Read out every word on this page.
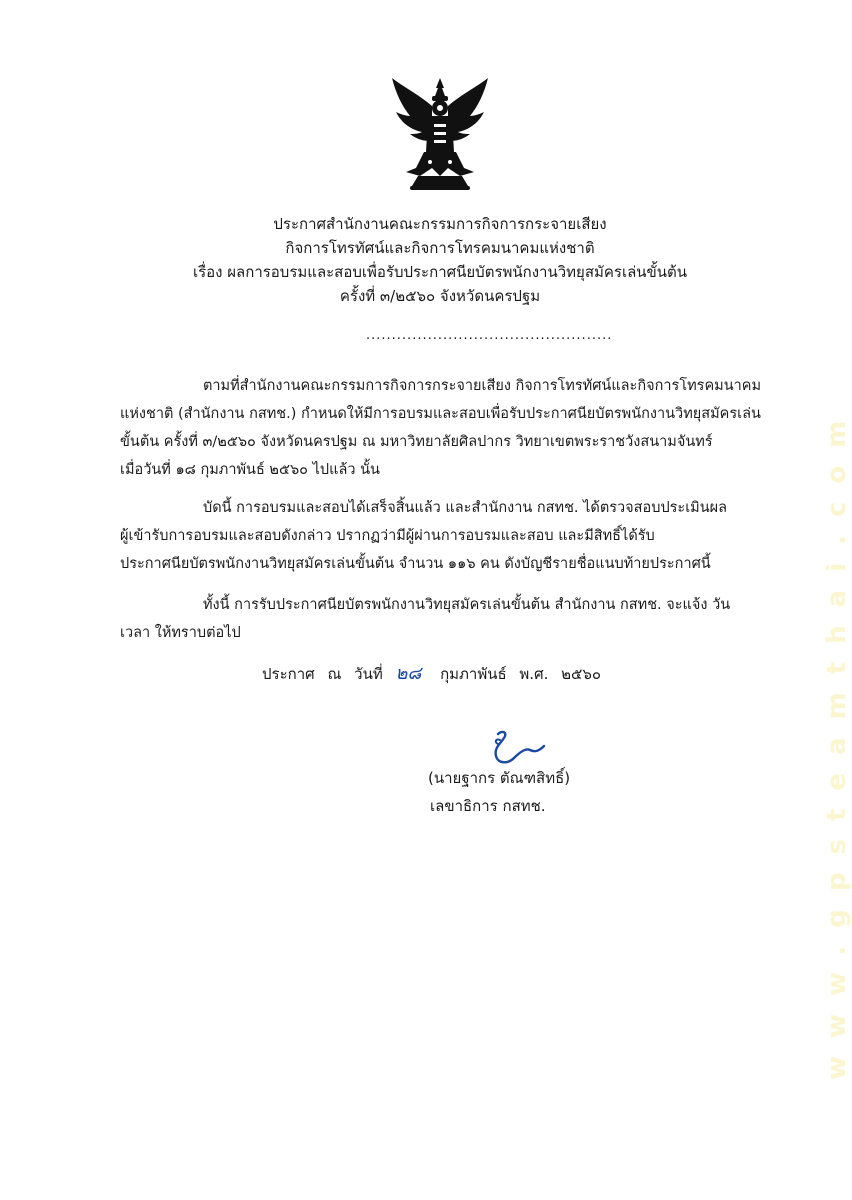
ประกาศสำนักงานคณะกรรมการกิจการกระจายเสียง
กิจการโทรทัศน์และกิจการโทรคมนาคมแห่งชาติ
เรื่อง ผลการอบรมและสอบเพื่อรับประกาศนียบัตรพนักงานวิทยุสมัครเล่นขั้นต้น
ครั้งที่ ๓/๒๕๖๐ จังหวัดนครปฐม
................................................
ตามที่สำนักงานคณะกรรมการกิจการกระจายเสียง กิจการโทรทัศน์และกิจการโทรคมนาคม
แห่งชาติ (สำนักงาน กสทช.) กำหนดให้มีการอบรมและสอบเพื่อรับประกาศนียบัตรพนักงานวิทยุสมัครเล่น
ขั้นต้น ครั้งที่ ๓/๒๕๖๐ จังหวัดนครปฐม ณ มหาวิทยาลัยศิลปากร วิทยาเขตพระราชวังสนามจันทร์
เมื่อวันที่ ๑๘ กุมภาพันธ์ ๒๕๖๐ ไปแล้ว นั้น
บัดนี้ การอบรมและสอบได้เสร็จสิ้นแล้ว และสำนักงาน กสทช. ได้ตรวจสอบประเมินผล
ผู้เข้ารับการอบรมและสอบดังกล่าว ปรากฏว่ามีผู้ผ่านการอบรมและสอบ และมีสิทธิ์ได้รับ
ประกาศนียบัตรพนักงานวิทยุสมัครเล่นขั้นต้น จำนวน ๑๑๖ คน ดังบัญชีรายชื่อแนบท้ายประกาศนี้
ทั้งนี้ การรับประกาศนียบัตรพนักงานวิทยุสมัครเล่นขั้นต้น สำนักงาน กสทช. จะแจ้ง วัน
เวลา ให้ทราบต่อไป
ประกาศ ณ วันที่ ๒๘ กุมภาพันธ์ พ.ศ. ๒๕๖๐
(นายฐากร ตัณฑสิทธิ์)
เลขาธิการ กสทช.	www.gpsteamthai.com
